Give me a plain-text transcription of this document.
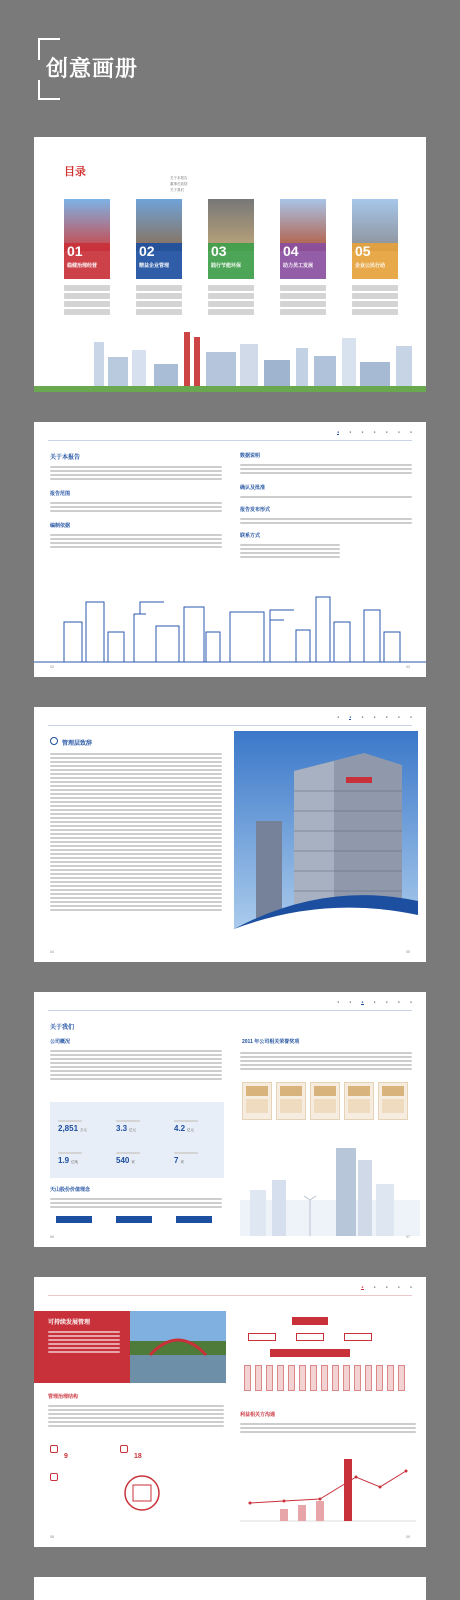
创意画册
目录	关于本报告
董事长致辞
关于我们
01
稳健治理经营
02
精益企业管理
03
践行节能环保
04
助力员工发展
05
企业公民行动
●	●	●	●	●	●	●
关于本报告
报告范围
编制依据
数据说明
确认及批准
报告发布形式
联系方式
02	03
●	●	●	●	●	●	●
管理层致辞
04	05
●	●	●	●	●	●	●
关于我们
公司概况
2,851 万元	3.3 亿元	4.2 亿元
1.9 亿吨	540 家	7 家
天山股份价值理念
2011 年公司相关荣誉奖项
06	07
●	●	●	●	●
可持续发展管理
管理治理结构
9	18
利益相关方沟通
08	09
